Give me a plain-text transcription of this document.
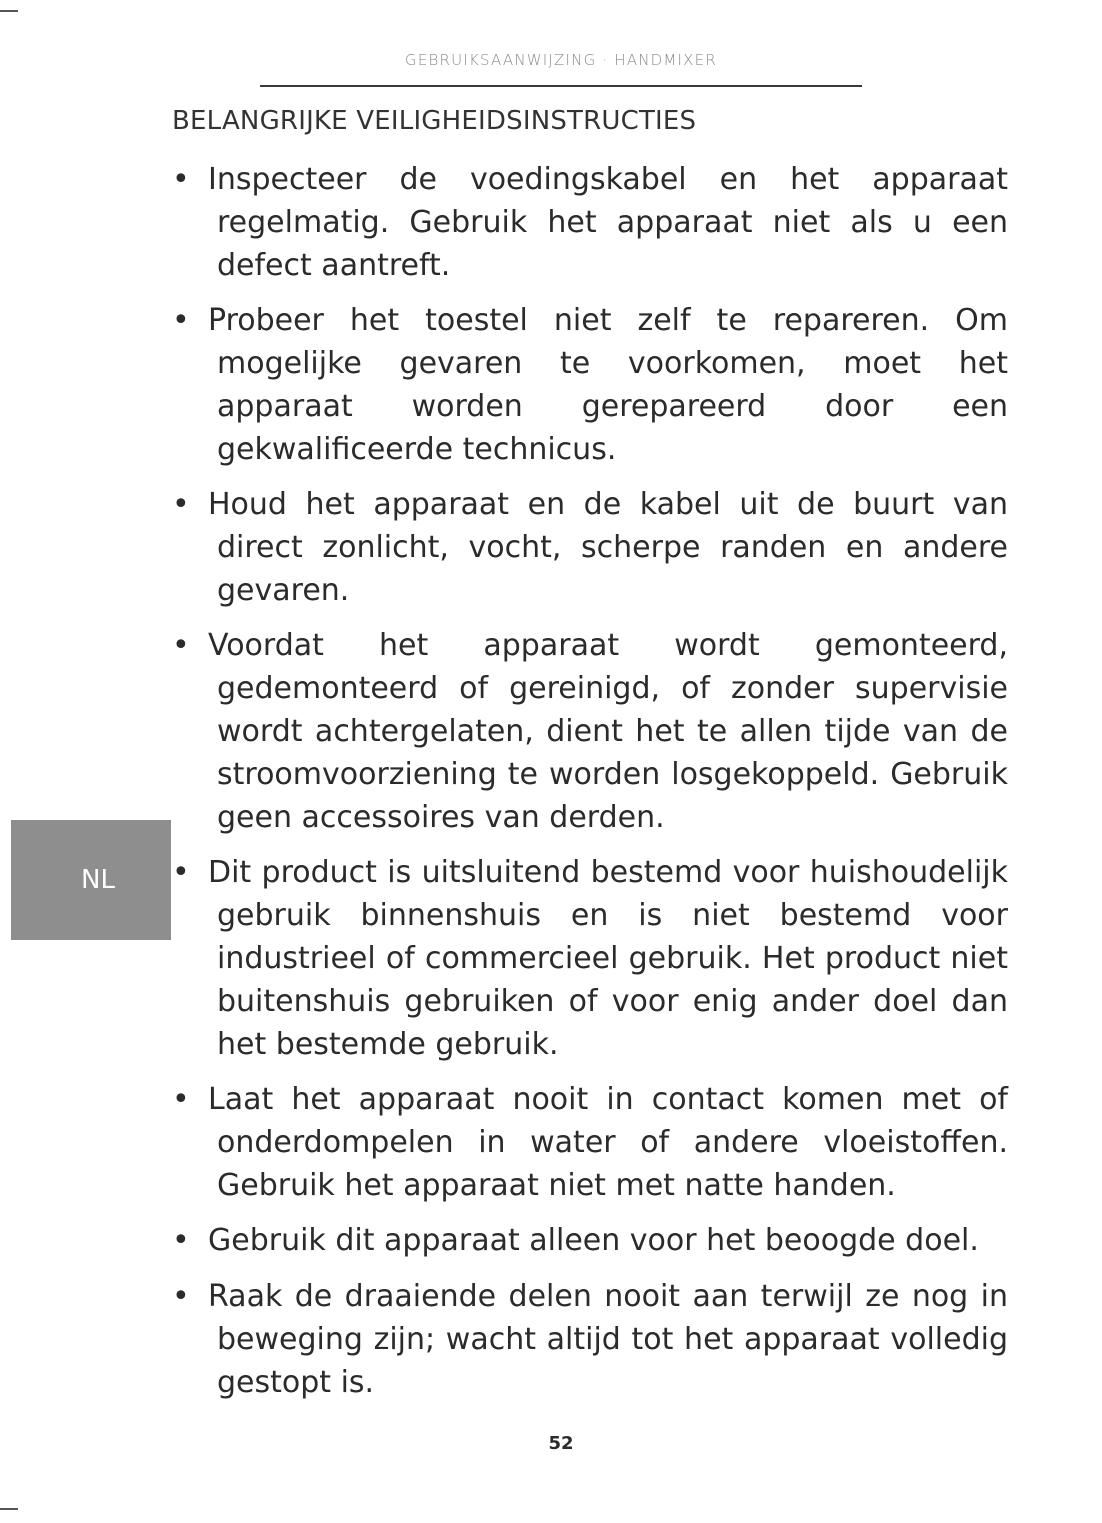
GEBRUIKSAANWIJZING · HANDMIXER
BELANGRIJKE VEILIGHEIDSINSTRUCTIES
NL
• Inspecteer de voedingskabel en het apparaat regelmatig. Gebruik het apparaat niet als u een defect aantreft.
• Probeer het toestel niet zelf te repareren. Om mogelijke gevaren te voorkomen, moet het apparaat worden gerepareerd door een gekwalificeerde technicus.
• Houd het apparaat en de kabel uit de buurt van direct zonlicht, vocht, scherpe randen en andere gevaren.
• Voordat het apparaat wordt gemonteerd, gedemonteerd of gereinigd, of zonder supervisie wordt achtergelaten, dient het te allen tijde van de stroomvoorziening te worden losgekoppeld. Gebruik geen accessoires van derden.
• Dit product is uitsluitend bestemd voor huishoudelijk gebruik binnenshuis en is niet bestemd voor industrieel of commercieel gebruik. Het product niet buitenshuis gebruiken of voor enig ander doel dan het bestemde gebruik.
• Laat het apparaat nooit in contact komen met of onderdompelen in water of andere vloeistoffen. Gebruik het apparaat niet met natte handen.
• Gebruik dit apparaat alleen voor het beoogde doel.
• Raak de draaiende delen nooit aan terwijl ze nog in beweging zijn; wacht altijd tot het apparaat volledig gestopt is.
52
